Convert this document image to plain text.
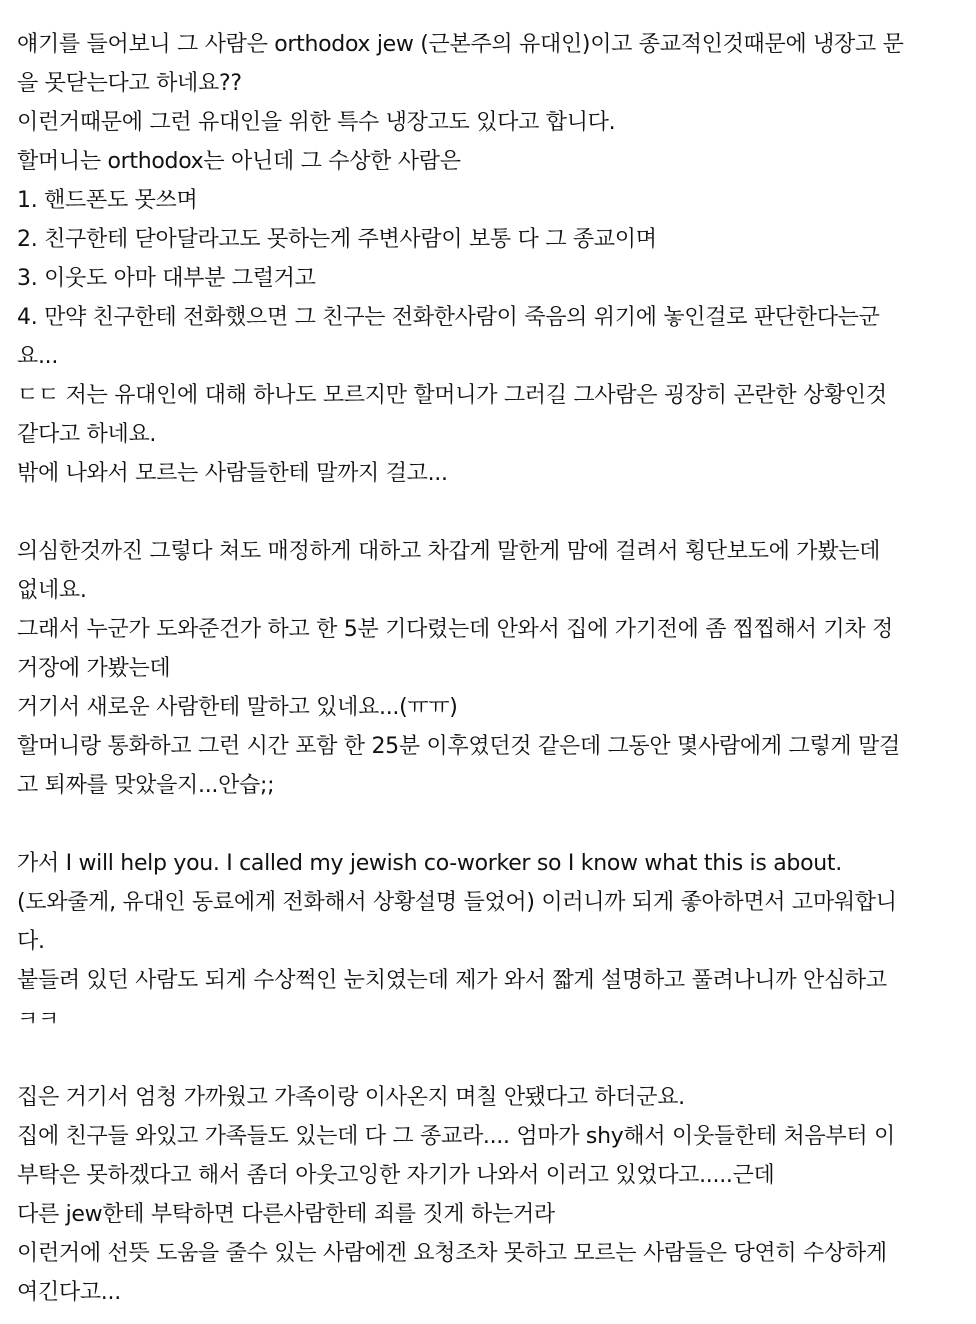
얘기를 들어보니 그 사람은 orthodox jew (근본주의 유대인)이고 종교적인것때문에 냉장고 문
을 못닫는다고 하네요??
이런거때문에 그런 유대인을 위한 특수 냉장고도 있다고 합니다.
할머니는 orthodox는 아닌데 그 수상한 사람은
1. 핸드폰도 못쓰며
2. 친구한테 닫아달라고도 못하는게 주변사람이 보통 다 그 종교이며
3. 이웃도 아마 대부분 그럴거고
4. 만약 친구한테 전화했으면 그 친구는 전화한사람이 죽음의 위기에 놓인걸로 판단한다는군
요...
ㄷㄷ 저는 유대인에 대해 하나도 모르지만 할머니가 그러길 그사람은 굉장히 곤란한 상황인것
같다고 하네요.
밖에 나와서 모르는 사람들한테 말까지 걸고...
의심한것까진 그렇다 쳐도 매정하게 대하고 차갑게 말한게 맘에 걸려서 횡단보도에 가봤는데
없네요.
그래서 누군가 도와준건가 하고 한 5분 기다렸는데 안와서 집에 가기전에 좀 찝찝해서 기차 정
거장에 가봤는데
거기서 새로운 사람한테 말하고 있네요...(ㅠㅠ)
할머니랑 통화하고 그런 시간 포함 한 25분 이후였던것 같은데 그동안 몇사람에게 그렇게 말걸
고 퇴짜를 맞았을지...안습;;
가서 I will help you. I called my jewish co-worker so I know what this is about.
(도와줄게, 유대인 동료에게 전화해서 상황설명 들었어) 이러니까 되게 좋아하면서 고마워합니
다.
붙들려 있던 사람도 되게 수상쩍인 눈치였는데 제가 와서 짧게 설명하고 풀려나니까 안심하고
ㅋㅋ
집은 거기서 엄청 가까웠고 가족이랑 이사온지 며칠 안됐다고 하더군요.
집에 친구들 와있고 가족들도 있는데 다 그 종교라.... 엄마가 shy해서 이웃들한테 처음부터 이
부탁은 못하겠다고 해서 좀더 아웃고잉한 자기가 나와서 이러고 있었다고.....근데
다른 jew한테 부탁하면 다른사람한테 죄를 짓게 하는거라
이런거에 선뜻 도움을 줄수 있는 사람에겐 요청조차 못하고 모르는 사람들은 당연히 수상하게
여긴다고...
